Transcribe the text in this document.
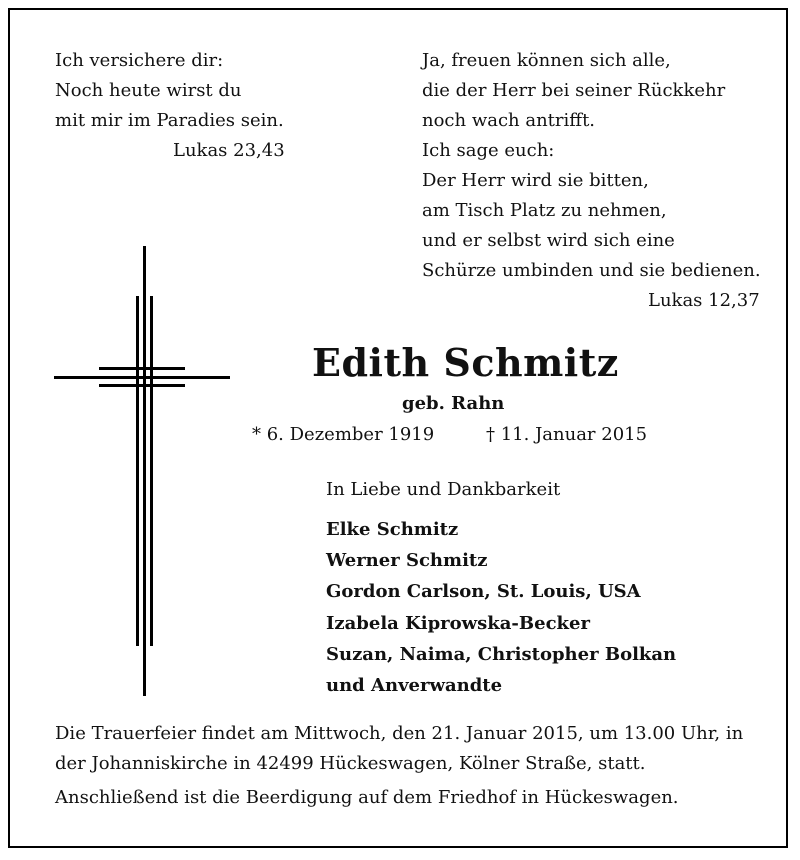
Ich versichere dir:
Noch heute wirst du
mit mir im Paradies sein.
Lukas 23,43
Ja, freuen können sich alle,
die der Herr bei seiner Rückkehr
noch wach antrifft.
Ich sage euch:
Der Herr wird sie bitten,
am Tisch Platz zu nehmen,
und er selbst wird sich eine
Schürze umbinden und sie bedienen.
Lukas 12,37
Edith Schmitz
geb. Rahn
* 6. Dezember 1919	† 11. Januar 2015
In Liebe und Dankbarkeit
Elke Schmitz
Werner Schmitz
Gordon Carlson, St. Louis, USA
Izabela Kiprowska-Becker
Suzan, Naima, Christopher Bolkan
und Anverwandte
Die Trauerfeier findet am Mittwoch, den 21. Januar 2015, um 13.00 Uhr, in
der Johanniskirche in 42499 Hückeswagen, Kölner Straße, statt.
Anschließend ist die Beerdigung auf dem Friedhof in Hückeswagen.
